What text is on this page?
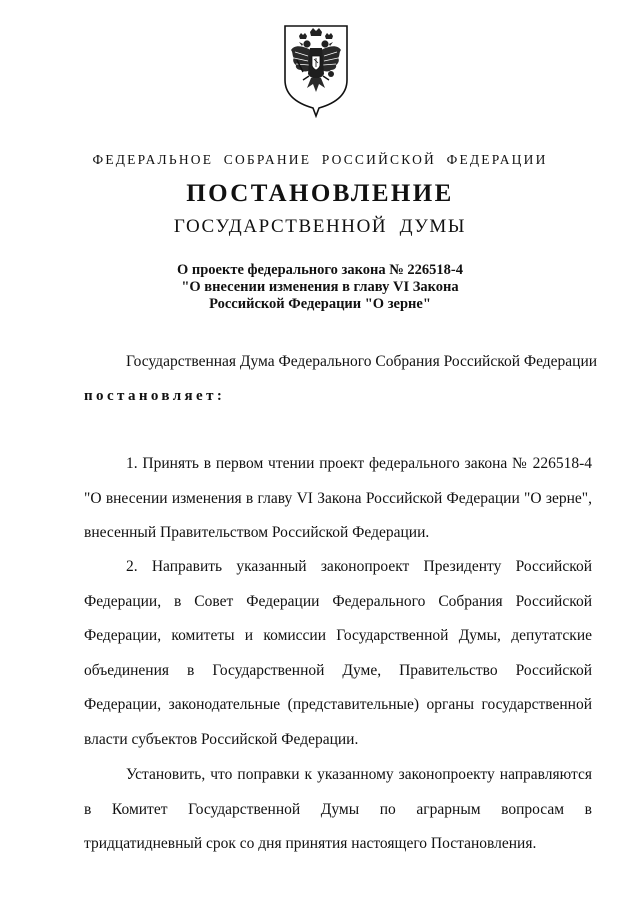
ФЕДЕРАЛЬНОЕ СОБРАНИЕ РОССИЙСКОЙ ФЕДЕРАЦИИ
ПОСТАНОВЛЕНИЕ
ГОСУДАРСТВЕННОЙ ДУМЫ
О проекте федерального закона № 226518-4
"О внесении изменения в главу VI Закона
Российской Федерации "О зерне"
Государственная Дума Федерального Собрания Российской Федерации
постановляет:
1. Принять в первом чтении проект федерального закона № 226518-4 "О внесении изменения в главу VI Закона Российской Федерации "О зерне", внесенный Правительством Российской Федерации.
2. Направить указанный законопроект Президенту Российской Федерации, в Совет Федерации Федерального Собрания Российской Федерации, комитеты и комиссии Государственной Думы, депутатские объединения в Государственной Думе, Правительство Российской Федерации, законодательные (представительные) органы государственной власти субъектов Российской Федерации.
Установить, что поправки к указанному законопроекту направляются в Комитет Государственной Думы по аграрным вопросам в тридцатидневный срок со дня принятия настоящего Постановления.
